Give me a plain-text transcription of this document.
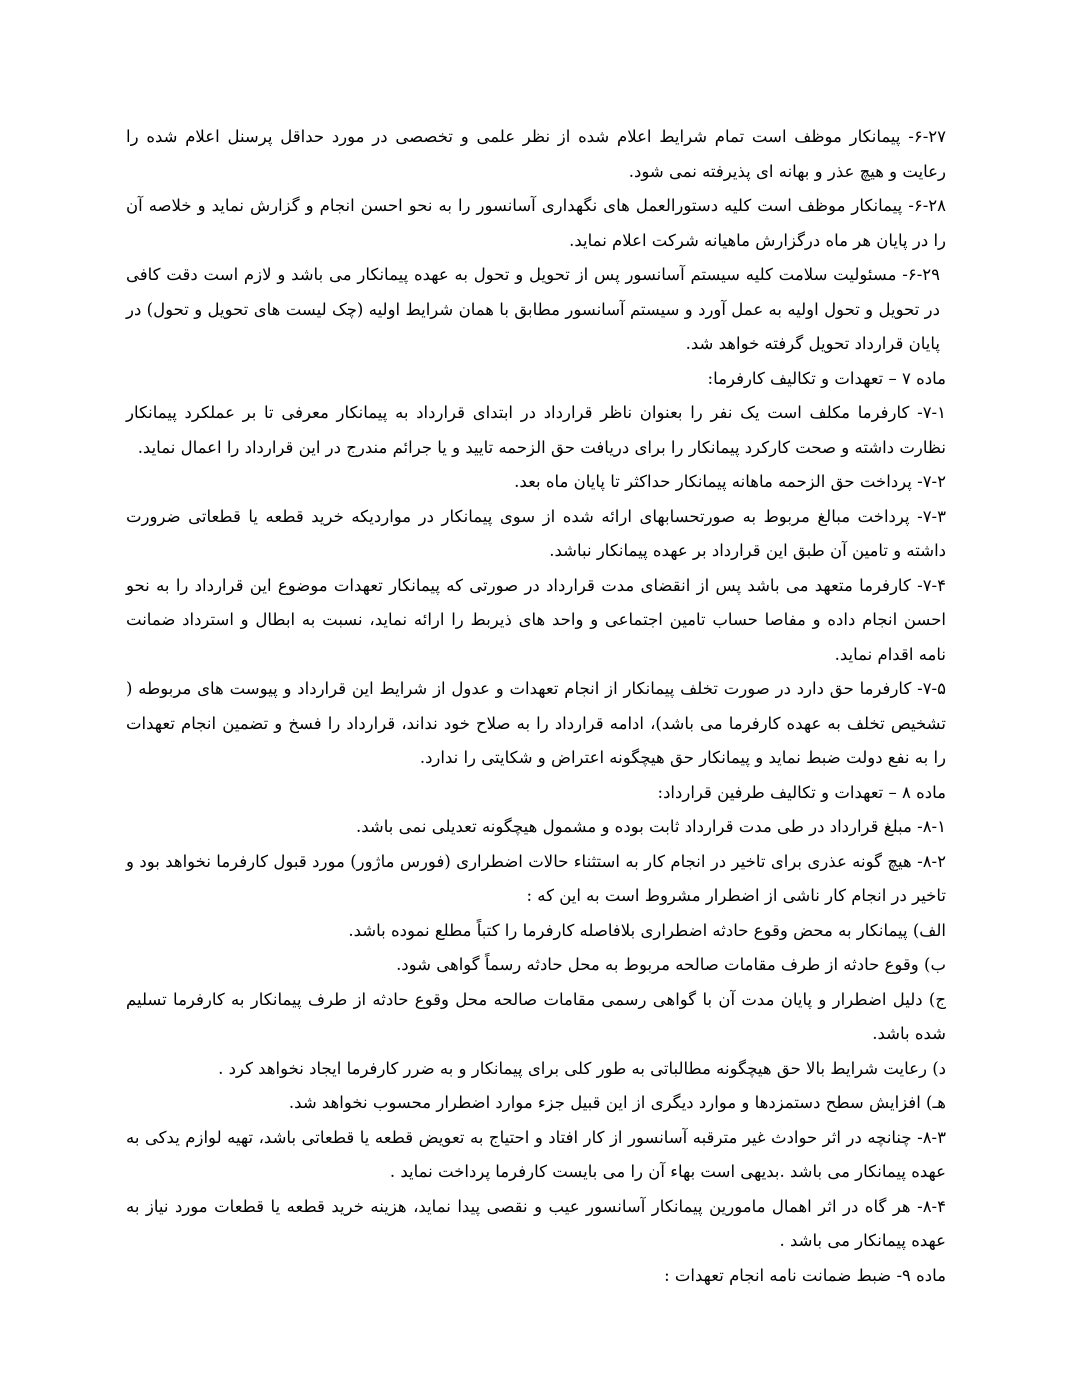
۶-۲۷- پیمانکار موظف است تمام شرایط اعلام شده از نظر علمی و تخصصی در مورد حداقل پرسنل اعلام شده را رعایت و هیچ عذر و بهانه ای پذیرفته نمی شود.

۶-۲۸- پیمانکار موظف است کلیه دستورالعمل های نگهداری آسانسور را به نحو احسن انجام و گزارش نماید و خلاصه آن را در پایان هر ماه درگزارش ماهیانه شرکت اعلام نماید.

۶-۲۹- مسئولیت سلامت کلیه سیستم آسانسور پس از تحویل و تحول به عهده پیمانکار می باشد و لازم است دقت کافی در تحویل و تحول اولیه به عمل آورد و سیستم آسانسور مطابق با همان شرایط اولیه (چک لیست های تحویل و تحول) در پایان قرارداد تحویل گرفته خواهد شد.

ماده ۷ – تعهدات و تکالیف کارفرما:

۷-۱- کارفرما مکلف است یک نفر را بعنوان ناظر قرارداد در ابتدای قرارداد به پیمانکار معرفی تا بر عملکرد پیمانکار نظارت داشته و صحت کارکرد پیمانکار را برای دریافت حق الزحمه تایید و یا جرائم مندرج در این قرارداد را اعمال نماید.

۷-۲- پرداخت حق الزحمه ماهانه پیمانکار حداکثر تا پایان ماه بعد.

۷-۳- پرداخت مبالغ مربوط به صورتحسابهای ارائه شده از سوی پیمانکار در مواردیکه خرید قطعه یا قطعاتی ضرورت داشته و تامین آن طبق این قرارداد بر عهده پیمانکار نباشد.

۷-۴- کارفرما متعهد می باشد پس از انقضای مدت قرارداد در صورتی که پیمانکار تعهدات موضوع این قرارداد را به نحو احسن انجام داده و مفاصا حساب تامین اجتماعی و واحد های ذیربط را ارائه نماید، نسبت به ابطال و استرداد ضمانت نامه اقدام نماید.

۷-۵- کارفرما حق دارد در صورت تخلف پیمانکار از انجام تعهدات و عدول از شرایط این قرارداد و پیوست های مربوطه ( تشخیص تخلف به عهده کارفرما می باشد)، ادامه قرارداد را به صلاح خود نداند، قرارداد را فسخ و تضمین انجام تعهدات را به نفع دولت ضبط نماید و پیمانکار حق هیچگونه اعتراض و شکایتی را ندارد.

ماده ۸ – تعهدات و تکالیف طرفین قرارداد:

۸-۱- مبلغ قرارداد در طی مدت قرارداد ثابت بوده و مشمول هیچگونه تعدیلی نمی باشد.

۸-۲- هیچ گونه عذری برای تاخیر در انجام کار به استثناء حالات اضطراری (فورس ماژور) مورد قبول کارفرما نخواهد بود و تاخیر در انجام کار ناشی از اضطرار مشروط است به این که :

الف) پیمانکار به محض وقوع حادثه اضطراری بلافاصله کارفرما را کتباً مطلع نموده باشد.

ب) وقوع حادثه از طرف مقامات صالحه مربوط به محل حادثه رسماً گواهی شود.

ج) دلیل اضطرار و پایان مدت آن با گواهی رسمی مقامات صالحه محل وقوع حادثه از طرف پیمانکار به کارفرما تسلیم شده باشد.

د) رعایت شرایط بالا حق هیچگونه مطالباتی به طور کلی برای پیمانکار و به ضرر کارفرما ایجاد نخواهد کرد .

هـ) افزایش سطح دستمزدها و موارد دیگری از این قبیل جزء موارد اضطرار محسوب نخواهد شد.

۸-۳- چنانچه در اثر حوادث غیر مترقبه آسانسور از کار افتاد و احتیاج به تعویض قطعه یا قطعاتی باشد، تهیه لوازم یدکی به عهده پیمانکار می باشد .بدیهی است بهاء آن را می بایست کارفرما پرداخت نماید .

۸-۴- هر گاه در اثر اهمال مامورین پیمانکار آسانسور عیب و نقصی پیدا نماید، هزینه خرید قطعه یا قطعات مورد نیاز به عهده پیمانکار می باشد .

ماده ۹- ضبط ضمانت نامه انجام تعهدات :
